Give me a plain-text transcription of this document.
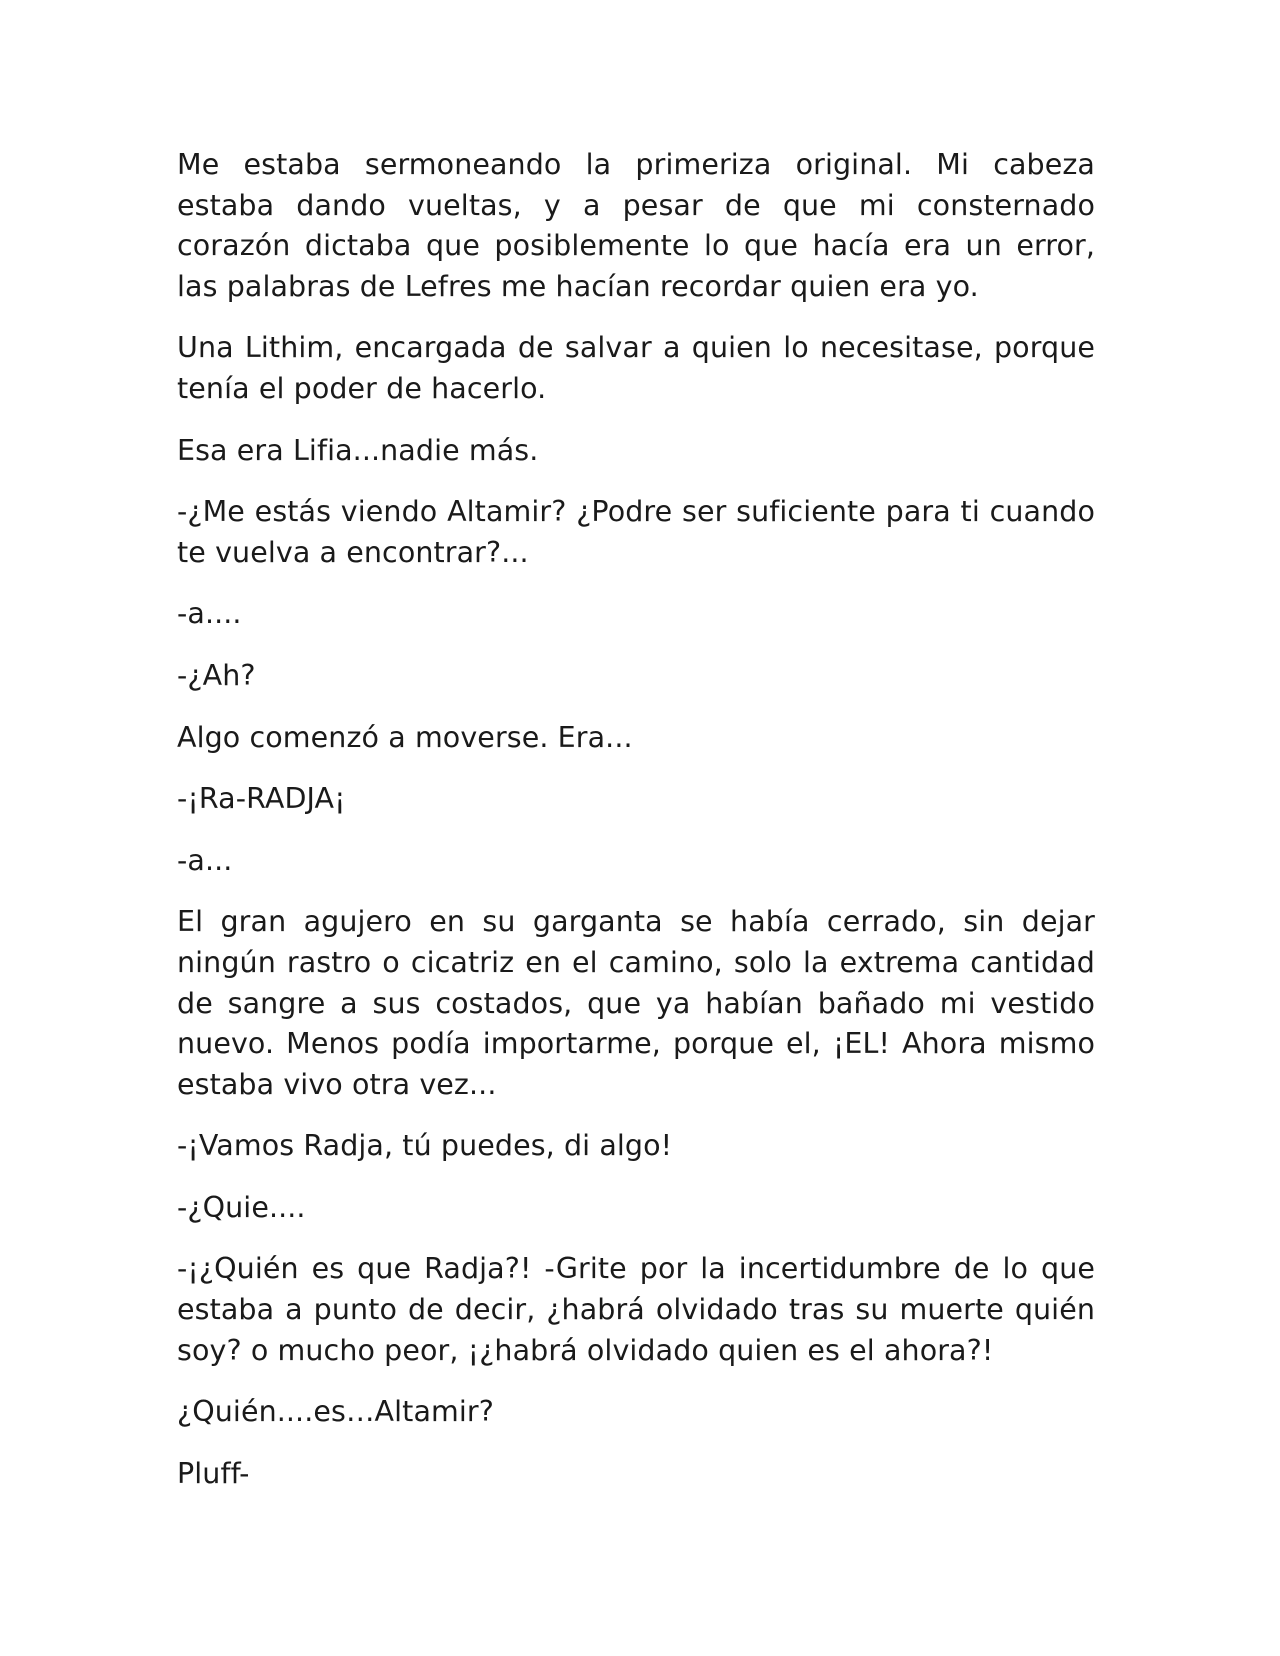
Me estaba sermoneando la primeriza original. Mi cabeza estaba dando vueltas, y a pesar de que mi consternado corazón dictaba que posiblemente lo que hacía era un error, las palabras de Lefres me hacían recordar quien era yo.

Una Lithim, encargada de salvar a quien lo necesitase, porque tenía el poder de hacerlo.

Esa era Lifia...nadie más.

-¿Me estás viendo Altamir? ¿Podre ser suficiente para ti cuando te vuelva a encontrar?...

-a....

-¿Ah?

Algo comenzó a moverse. Era...

-¡Ra-RADJA¡

-a...

El gran agujero en su garganta se había cerrado, sin dejar ningún rastro o cicatriz en el camino, solo la extrema cantidad de sangre a sus costados, que ya habían bañado mi vestido nuevo. Menos podía importarme, porque el, ¡EL! Ahora mismo estaba vivo otra vez...

-¡Vamos Radja, tú puedes, di algo!

-¿Quie....

-¡¿Quién es que Radja?! -Grite por la incertidumbre de lo que estaba a punto de decir, ¿habrá olvidado tras su muerte quién soy? o mucho peor, ¡¿habrá olvidado quien es el ahora?!

¿Quién....es…Altamir?

Pluff-
